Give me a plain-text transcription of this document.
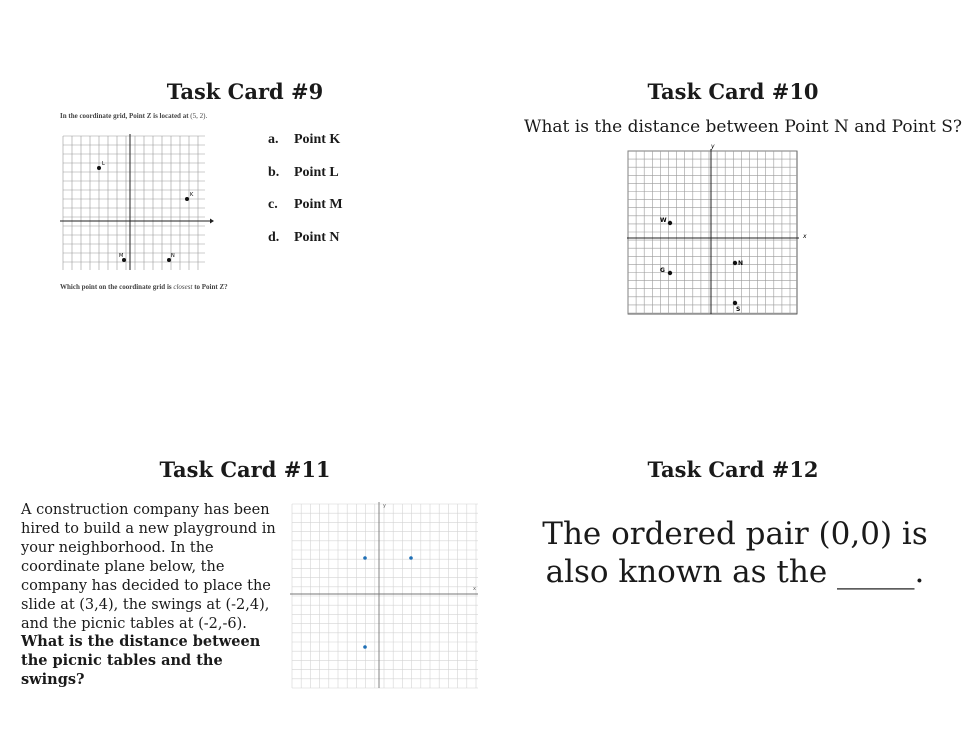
Task Card #9
In the coordinate grid, Point Z is located at (5, 2).
L
K
M	N
Which point on the coordinate grid is closest to Point Z?
a.	Point K
b.	Point L
c.	Point M
d.	Point N
Task Card #10
What is the distance between Point N and Point S?
x
y
W
N
G
S
Task Card #11
A construction company has been hired to build a new playground in your neighborhood. In the coordinate plane below, the company has decided to place the slide at (3,4), the swings at (-2,4), and the picnic tables at (-2,-6).
What is the distance between the picnic tables and the swings?
x
y
Task Card #12
The ordered pair (0,0) is also known as the _____.
